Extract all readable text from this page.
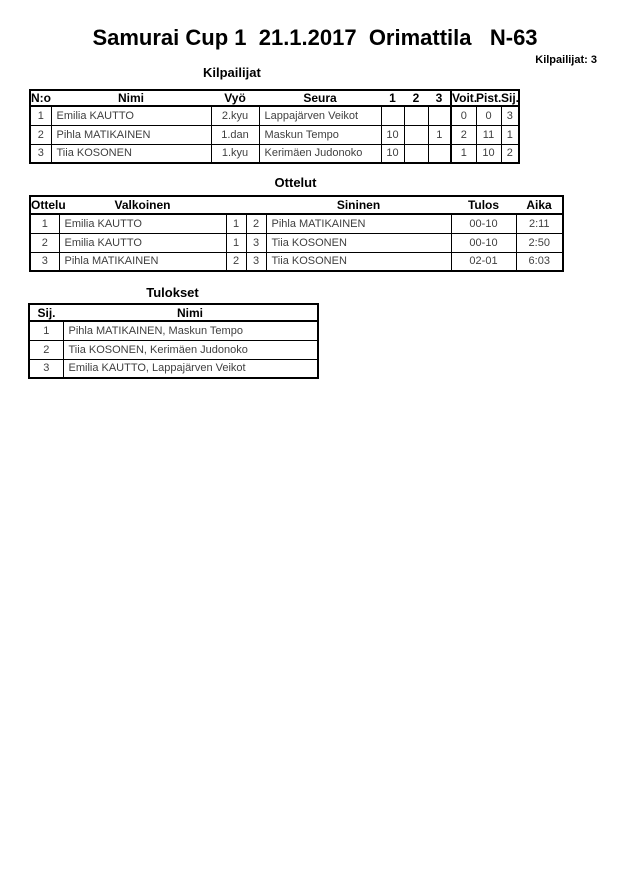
Samurai Cup 1  21.1.2017  Orimattila   N-63
Kilpailijat: 3
Kilpailijat
N:o	Nimi	Vyö	Seura	1	2	3	Voit.	Pist.	Sij.
1	Emilia KAUTTO	2.kyu	Lappajärven Veikot				0	0	3
2	Pihla MATIKAINEN	1.dan	Maskun Tempo	10		1	2	11	1
3	Tiia KOSONEN	1.kyu	Kerimäen Judonoko	10			1	10	2
Ottelut
Ottelu	Valkoinen			Sininen	Tulos	Aika
1	Emilia KAUTTO	1	2	Pihla MATIKAINEN	00-10	2:11
2	Emilia KAUTTO	1	3	Tiia KOSONEN	00-10	2:50
3	Pihla MATIKAINEN	2	3	Tiia KOSONEN	02-01	6:03
Tulokset
Sij.	Nimi
1	Pihla MATIKAINEN, Maskun Tempo
2	Tiia KOSONEN, Kerimäen Judonoko
3	Emilia KAUTTO, Lappajärven Veikot
